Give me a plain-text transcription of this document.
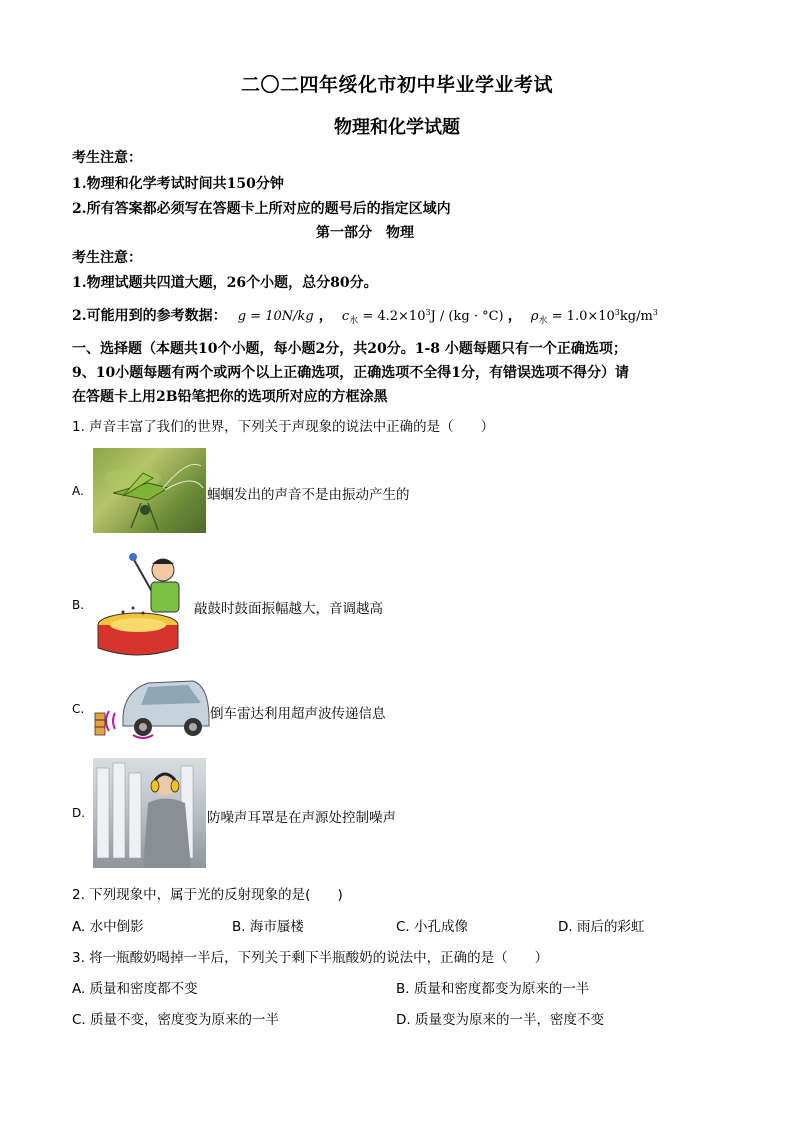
二〇二四年绥化市初中毕业学业考试
物理和化学试题
考生注意：
1.物理和化学考试时间共150分钟
2.所有答案都必须写在答题卡上所对应的题号后的指定区域内
第一部分　物理
考生注意：
1.物理试题共四道大题，26个小题，总分80分。
2.可能用到的参考数据： g = 10N/kg ， $c_水 = 4.2\times 10^3J / (kg \cdot ^\circ C)$ ， $\rho_水 = 1.0\times 10^3kg/m^3$
一、选择题（本题共10个小题，每小题2分，共20分。1-8 小题每题只有一个正确选项；
9、10小题每题有两个或两个以上正确选项，正确选项不全得1分，有错误选项不得分）请
在答题卡上用2B铅笔把你的选项所对应的方框涂黑
1. 声音丰富了我们的世界，下列关于声现象的说法中正确的是（　　）
A.	蝈蝈发出的声音不是由振动产生的
B.	敲鼓时鼓面振幅越大，音调越高
C.	倒车雷达利用超声波传递信息
D.	防噪声耳罩是在声源处控制噪声
2. 下列现象中，属于光的反射现象的是(　　)
A. 水中倒影	B. 海市蜃楼	C. 小孔成像	D. 雨后的彩虹
3. 将一瓶酸奶喝掉一半后，下列关于剩下半瓶酸奶的说法中，正确的是（　　）
A. 质量和密度都不变	B. 质量和密度都变为原来的一半
C. 质量不变，密度变为原来的一半	D. 质量变为原来的一半，密度不变
